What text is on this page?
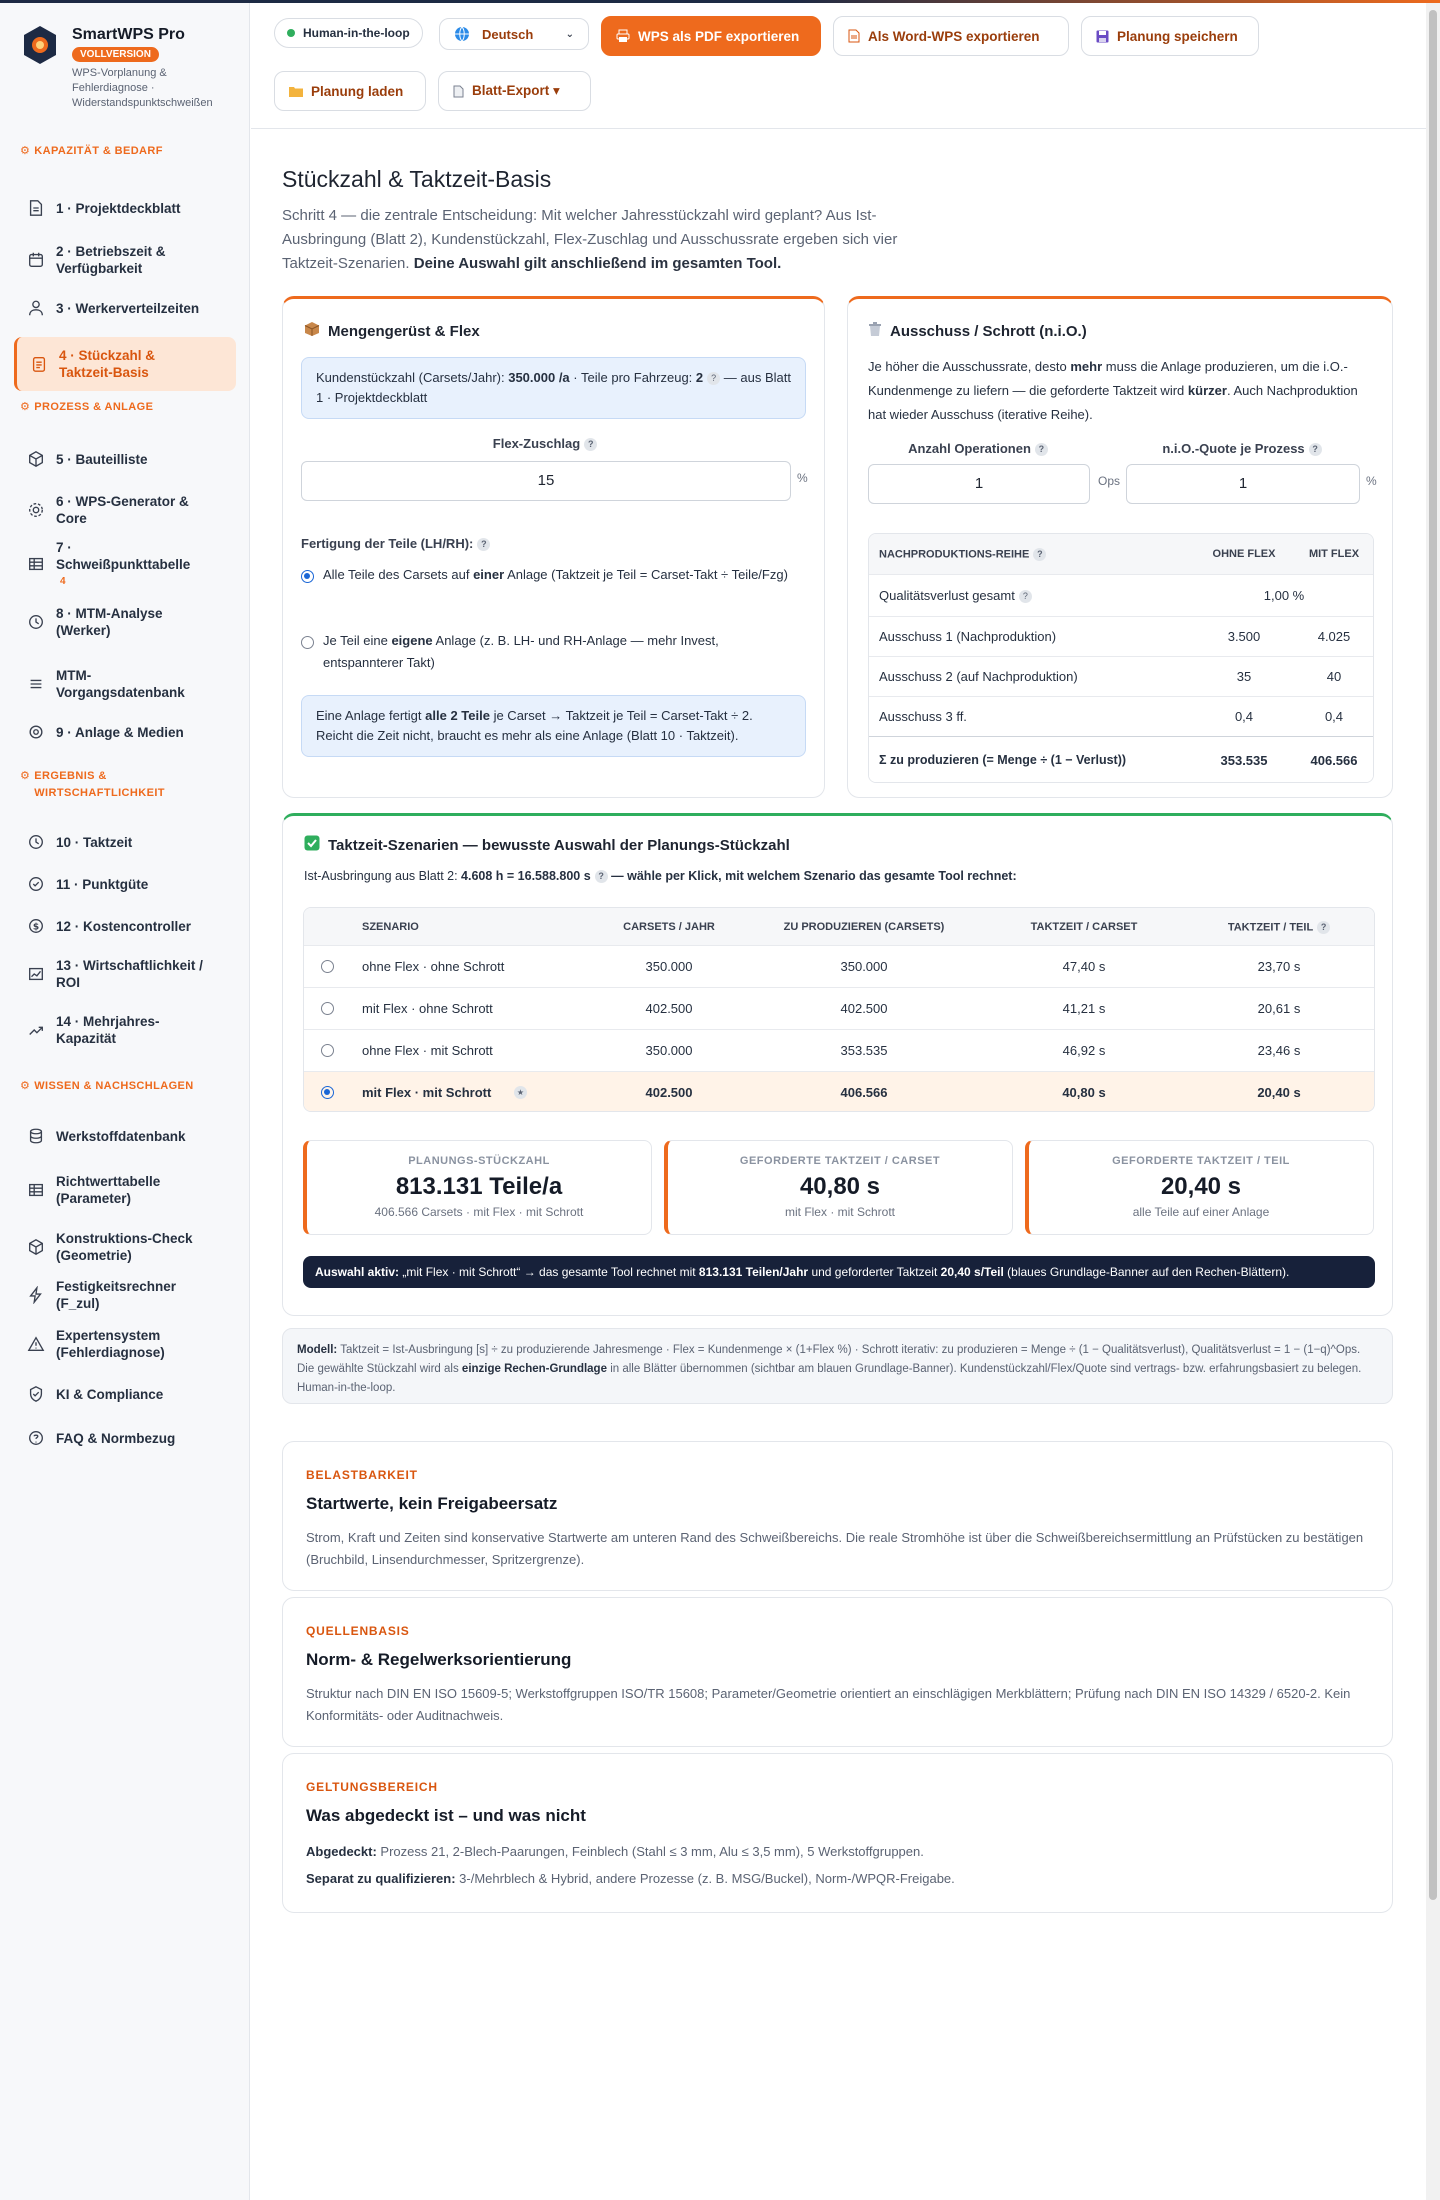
SmartWPS Pro
VOLLVERSION
WPS-Vorplanung & Fehlerdiagnose · Widerstandspunktschweißen
⚙ KAPAZITÄT & BEDARF
⚙ PROZESS & ANLAGE
⚙ ERGEBNIS & WIRTSCHAFTLICHKEIT
⚙ WISSEN & NACHSCHLAGEN
1 · Projektdeckblatt
2 · Betriebszeit & Verfügbarkeit
3 · Werkerverteilzeiten
4 · Stückzahl & Taktzeit-Basis
5 · Bauteilliste
6 · WPS-Generator & Core
7 · Schweißpunkttabelle
4
8 · MTM-Analyse (Werker)
MTM-Vorgangsdatenbank
9 · Anlage & Medien
10 · Taktzeit
11 · Punktgüte
$ 12 · Kostencontroller
13 · Wirtschaftlichkeit / ROI
14 · Mehrjahres-Kapazität
Werkstoffdatenbank
Richtwerttabelle (Parameter)
Konstruktions-Check (Geometrie)
Festigkeitsrechner (F_zul)
Expertensystem (Fehlerdiagnose)
KI & Compliance
FAQ & Normbezug
Human-in-the-loop	Deutsch	⌄	WPS als PDF exportieren	Als Word-WPS exportieren	Planung speichern
Planung laden	Blatt-Export ▾
Stückzahl & Taktzeit-Basis

Schritt 4 — die zentrale Entscheidung: Mit welcher Jahresstückzahl wird geplant? Aus Ist-Ausbringung (Blatt 2), Kundenstückzahl, Flex-Zuschlag und Ausschussrate ergeben sich vier Taktzeit-Szenarien. Deine Auswahl gilt anschließend im gesamten Tool.

Mengengerüst & Flex
Kundenstückzahl (Carsets/Jahr): 350.000 /a · Teile pro Fahrzeug: 2 ? — aus Blatt 1 · Projektdeckblatt
Flex-Zuschlag ?
15	%
Fertigung der Teile (LH/RH): ?
Alle Teile des Carsets auf einer Anlage (Taktzeit je Teil = Carset-Takt ÷ Teile/Fzg)
Je Teil eine eigene Anlage (z. B. LH- und RH-Anlage — mehr Invest, entspannterer Takt)
Eine Anlage fertigt alle 2 Teile je Carset → Taktzeit je Teil = Carset-Takt ÷ 2. Reicht die Zeit nicht, braucht es mehr als eine Anlage (Blatt 10 · Taktzeit).
Ausschuss / Schrott (n.i.O.)
Je höher die Ausschussrate, desto mehr muss die Anlage produzieren, um die i.O.-Kundenmenge zu liefern — die geforderte Taktzeit wird kürzer. Auch Nachproduktion hat wieder Ausschuss (iterative Reihe).
Anzahl Operationen ?
1	Ops
n.i.O.-Quote je Prozess ?
1	%
NACHPRODUKTIONS-REIHE ?	OHNE FLEX	MIT FLEX
Qualitätsverlust gesamt ?	1,00 %
Ausschuss 1 (Nachproduktion)	3.500	4.025
Ausschuss 2 (auf Nachproduktion)	35	40
Ausschuss 3 ff.	0,4	0,4
Σ zu produzieren (= Menge ÷ (1 − Verlust))	353.535	406.566
Taktzeit-Szenarien — bewusste Auswahl der Planungs-Stückzahl
Ist-Ausbringung aus Blatt 2: 4.608 h = 16.588.800 s ? — wähle per Klick, mit welchem Szenario das gesamte Tool rechnet:
SZENARIO	CARSETS / JAHR	ZU PRODUZIEREN (CARSETS)	TAKTZEIT / CARSET	TAKTZEIT / TEIL ?
ohne Flex · ohne Schrott	350.000	350.000	47,40 s	23,70 s
mit Flex · ohne Schrott	402.500	402.500	41,21 s	20,61 s
ohne Flex · mit Schrott	350.000	353.535	46,92 s	23,46 s
mit Flex · mit Schrott	402.500	406.566	40,80 s	20,40 s
★
PLANUNGS-STÜCKZAHL
813.131 Teile/a
406.566 Carsets · mit Flex · mit Schrott
GEFORDERTE TAKTZEIT / CARSET
40,80 s
mit Flex · mit Schrott
GEFORDERTE TAKTZEIT / TEIL
20,40 s
alle Teile auf einer Anlage
Auswahl aktiv: „mit Flex · mit Schrott“ → das gesamte Tool rechnet mit 813.131 Teilen/Jahr und geforderter Taktzeit 20,40 s/Teil (blaues Grundlage-Banner auf den Rechen-Blättern).
Modell: Taktzeit = Ist-Ausbringung [s] ÷ zu produzierende Jahresmenge · Flex = Kundenmenge × (1+Flex %) · Schrott iterativ: zu produzieren = Menge ÷ (1 − Qualitätsverlust), Qualitätsverlust = 1 − (1−q)^Ops. Die gewählte Stückzahl wird als einzige Rechen-Grundlage in alle Blätter übernommen (sichtbar am blauen Grundlage-Banner). Kundenstückzahl/Flex/Quote sind vertrags- bzw. erfahrungsbasiert zu belegen. Human-in-the-loop.
BELASTBARKEIT
Startwerte, kein Freigabeersatz
Strom, Kraft und Zeiten sind konservative Startwerte am unteren Rand des Schweißbereichs. Die reale Stromhöhe ist über die Schweißbereichsermittlung an Prüfstücken zu bestätigen (Bruchbild, Linsendurchmesser, Spritzergrenze).
QUELLENBASIS
Norm- & Regelwerksorientierung
Struktur nach DIN EN ISO 15609-5; Werkstoffgruppen ISO/TR 15608; Parameter/Geometrie orientiert an einschlägigen Merkblättern; Prüfung nach DIN EN ISO 14329 / 6520-2. Kein Konformitäts- oder Auditnachweis.
GELTUNGSBEREICH
Was abgedeckt ist – und was nicht
Abgedeckt: Prozess 21, 2-Blech-Paarungen, Feinblech (Stahl ≤ 3 mm, Alu ≤ 3,5 mm), 5 Werkstoffgruppen.
Separat zu qualifizieren: 3-/Mehrblech & Hybrid, andere Prozesse (z. B. MSG/Buckel), Norm-/WPQR-Freigabe.
